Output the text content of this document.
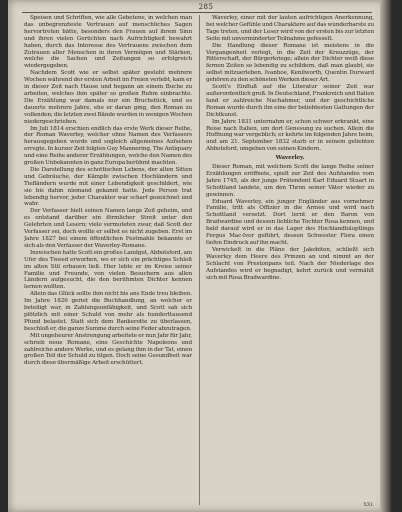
285

Speisen und Schriften, wie alle Gebetene, in welchen man das unbegrenzteste Vertrauen auf menschliches Sagen hervortreten hätte, besonders den Frauen auf ihrem Sinn und ihren vielen Gerüchten nach Aufrichtigkeit bewahrt haben, durch das Interesse des Vertrauens zwischen dem Zutrauen aller Menschen in ihren Vermögen und Stärken, welche die Sachen und Zeitungen so erfolgreich wiedergegeben.

Nachdem Scott wie er selbst später gesteht mehrere Wochen während der ersten Arbeit im Freien verlebt, kam er in dieser Zeit nach Hause und begann an einem Buche zu arbeiten, welches ihm später so großen Ruhm einbrachte. Die Erzählung war damals nur ein Bruchstück, und es dauerte mehrere Jahre, ehe er daran ging, den Roman zu vollenden; die letzten zwei Bände wurden in wenigen Wochen niedergeschrieben.

Im Juli 1814 erschien endlich das erste Werk dieser Reihe, der Roman Waverley, welcher ohne Namen des Verfassers herausgegeben wurde und sogleich allgemeines Aufsehen erregte. In kurzer Zeit folgten Guy Mannering, The Antiquary und eine Reihe anderer Erzählungen, welche den Namen des großen Unbekannten in ganz Europa berühmt machten.

Die Darstellung des schottischen Lebens, der alten Sitten und Gebräuche, der Kämpfe zwischen Hochländern und Tiefländern wurde mit einer Lebendigkeit geschildert, wie sie bis dahin niemand gekannt hatte. Jede Person trat lebendig hervor, jeder Charakter war scharf gezeichnet und wahr.

Der Verfasser hielt seinen Namen lange Zeit geheim, und es entstand darüber ein förmlicher Streit unter den Gelehrten und Lesern; viele vermuteten zwar, daß Scott der Verfasser sei, doch wollte er selbst es nicht zugeben. Erst im Jahre 1827 bei einem öffentlichen Festmahle bekannte er sich als den Verfasser der Waverley-Romane.

Inzwischen hatte Scott ein großes Landgut, Abbotsford, am Ufer des Tweed erworben, wo er sich ein prächtiges Schloß im alten Stil erbauen ließ. Hier lebte er im Kreise seiner Familie und Freunde, von vielen Besuchern aus allen Ländern aufgesucht, die den berühmten Dichter kennen lernen wollten.

Allein das Glück sollte ihm nicht bis ans Ende treu bleiben. Im Jahre 1826 geriet die Buchhandlung, an welcher er beteiligt war, in Zahlungsunfähigkeit, und Scott sah sich plötzlich mit einer Schuld von mehr als hunderttausend Pfund belastet. Statt sich dem Bankerotte zu überlassen, beschloß er, die ganze Summe durch seine Feder abzutragen.

Mit ungeheurer Anstrengung arbeitete er nun Jahr für Jahr, schrieb neue Romane, eine Geschichte Napoleons und zahlreiche andere Werke, und es gelang ihm in der Tat, einen großen Teil der Schuld zu tilgen. Doch seine Gesundheit war durch diese übermäßige Arbeit erschüttert.

Waverley, einer mit der lauten aufrichtigen Anerkennung, bei welcher Gefühle und Charaktere auf das wunderbarste zu Tage treten, und der Leser wird von der ersten bis zur letzten Seite mit unverminderter Teilnahme gefesselt.

Die Handlung dieser Romane ist meistens in die Vergangenheit verlegt, in die Zeit der Kreuzzüge, der Ritterschaft, der Bürgerkriege; allein der Dichter weiß diese fernen Zeiten so lebendig zu schildern, daß man glaubt, sie selbst mitzuerleben. Ivanhoe, Kenilworth, Quentin Durward gehören zu den schönsten Werken dieser Art.

Scott's Einfluß auf die Literatur seiner Zeit war außerordentlich groß. In Deutschland, Frankreich und Italien fand er zahlreiche Nachahmer, und der geschichtliche Roman wurde durch ihn eine der beliebtesten Gattungen der Dichtkunst.

Im Jahre 1831 unternahm er, schon schwer erkrankt, eine Reise nach Italien, um dort Genesung zu suchen. Allein die Hoffnung war vergeblich; er kehrte im folgenden Jahre heim, und am 21. September 1832 starb er in seinem geliebten Abbotsford, umgeben von seinen Kindern.

Waverley.

Dieser Roman, mit welchem Scott die lange Reihe seiner Erzählungen eröffnete, spielt zur Zeit des Aufstandes vom Jahre 1745, als der junge Prätendent Karl Eduard Stuart in Schottland landete, um den Thron seiner Väter wieder zu gewinnen.

Eduard Waverley, ein junger Engländer aus vornehmer Familie, tritt als Offizier in die Armee und wird nach Schottland versetzt. Dort lernt er den Baron von Bradwardine und dessen liebliche Tochter Rosa kennen, und bald darauf wird er in das Lager des Hochlandhäuptlings Fergus Mac-Ivor geführt, dessen Schwester Flora einen tiefen Eindruck auf ihn macht.

Verwickelt in die Pläne der Jakobiten, schließt sich Waverley dem Heere des Prinzen an und nimmt an der Schlacht von Prestonpans teil. Nach der Niederlage des Aufstandes wird er begnadigt, kehrt zurück und vermählt sich mit Rosa Bradwardine.

XXI.
